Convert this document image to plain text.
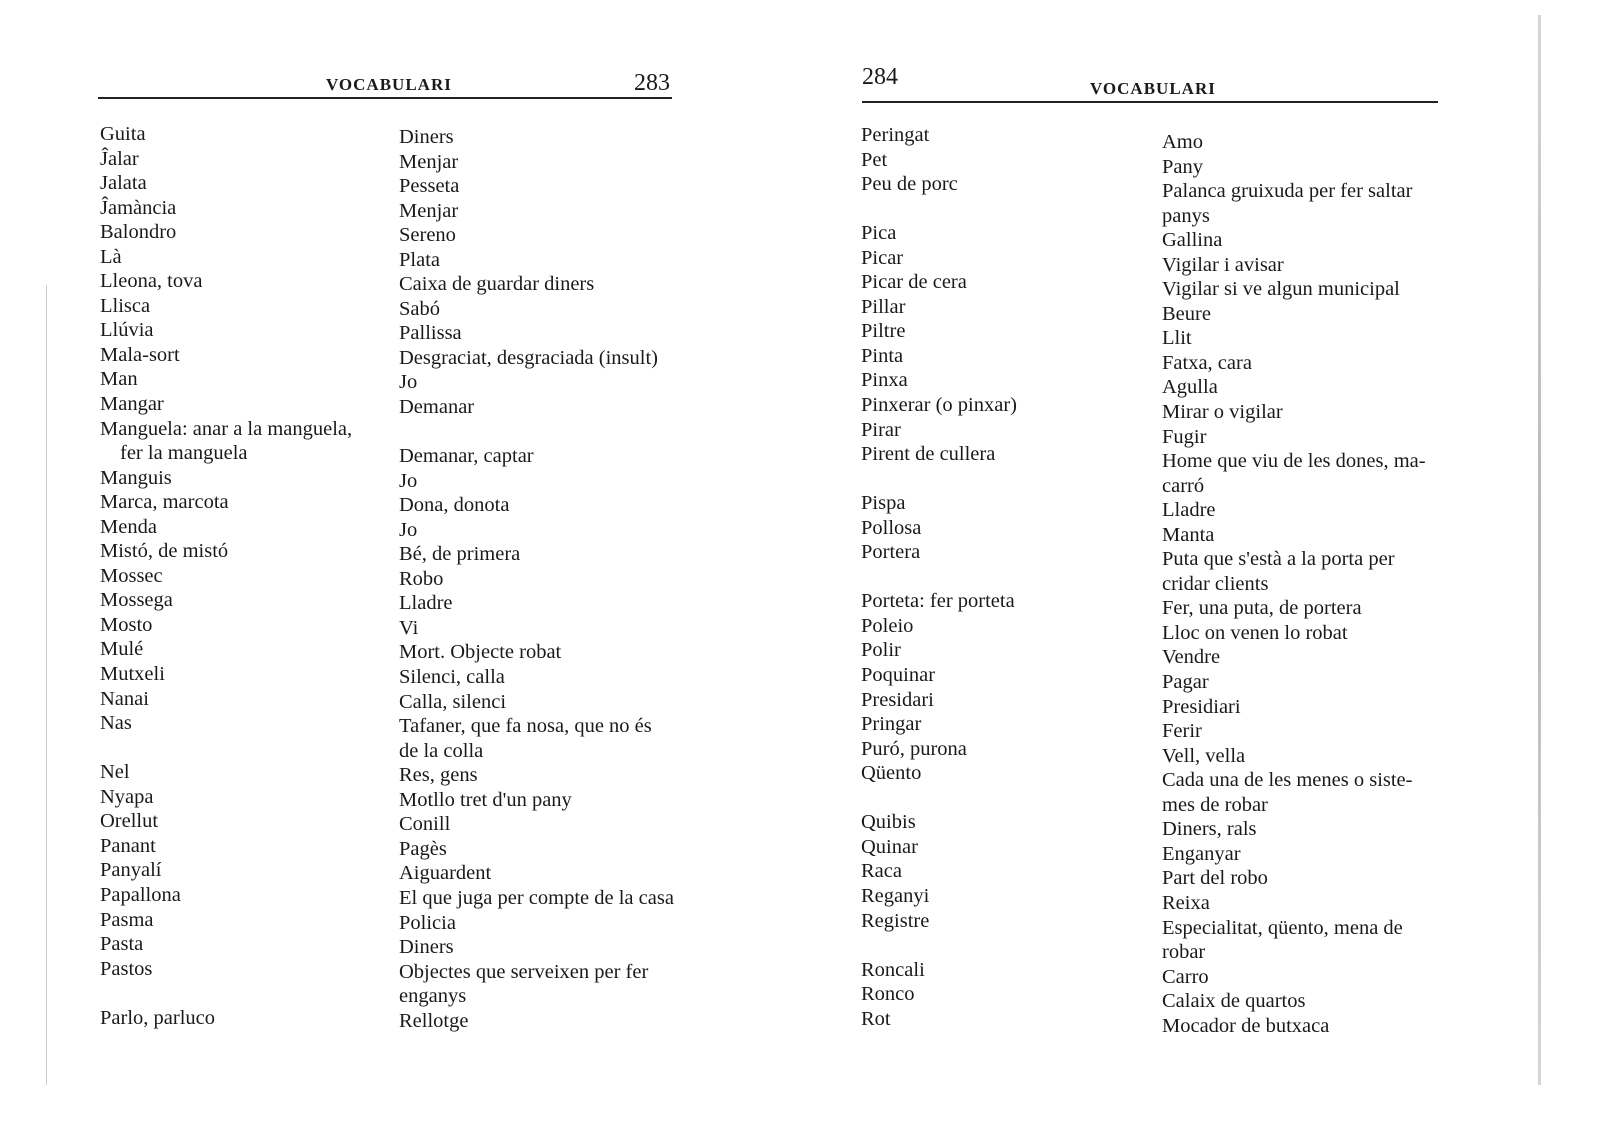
VOCABULARI	283
Guita
Ĵalar
Jalata
Ĵamància
Balondro
Là
Lleona, tova
Llisca
Llúvia
Mala-sort
Man
Mangar
Manguela: anar a la manguela,
fer la manguela
Manguis
Marca, marcota
Menda
Mistó, de mistó
Mossec
Mossega
Mosto
Mulé
Mutxeli
Nanai
Nas
Nel
Nyapa
Orellut
Panant
Panyalí
Papallona
Pasma
Pasta
Pastos
Parlo, parluco
Diners
Menjar
Pesseta
Menjar
Sereno
Plata
Caixa de guardar diners
Sabó
Pallissa
Desgraciat, desgraciada (insult)
Jo
Demanar
Demanar, captar
Jo
Dona, donota
Jo
Bé, de primera
Robo
Lladre
Vi
Mort. Objecte robat
Silenci, calla
Calla, silenci
Tafaner, que fa nosa, que no és
de la colla
Res, gens
Motllo tret d'un pany
Conill
Pagès
Aiguardent
El que juga per compte de la casa
Policia
Diners
Objectes que serveixen per fer
enganys
Rellotge
284	VOCABULARI
Peringat
Pet
Peu de porc
Pica
Picar
Picar de cera
Pillar
Piltre
Pinta
Pinxa
Pinxerar (o pinxar)
Pirar
Pirent de cullera
Pispa
Pollosa
Portera
Porteta: fer porteta
Poleio
Polir
Poquinar
Presidari
Pringar
Puró, purona
Qüento
Quibis
Quinar
Raca
Reganyi
Registre
Roncali
Ronco
Rot
Amo
Pany
Palanca gruixuda per fer saltar
panys
Gallina
Vigilar i avisar
Vigilar si ve algun municipal
Beure
Llit
Fatxa, cara
Agulla
Mirar o vigilar
Fugir
Home que viu de les dones, ma-
carró
Lladre
Manta
Puta que s'està a la porta per
cridar clients
Fer, una puta, de portera
Lloc on venen lo robat
Vendre
Pagar
Presidiari
Ferir
Vell, vella
Cada una de les menes o siste-
mes de robar
Diners, rals
Enganyar
Part del robo
Reixa
Especialitat, qüento, mena de
robar
Carro
Calaix de quartos
Mocador de butxaca
